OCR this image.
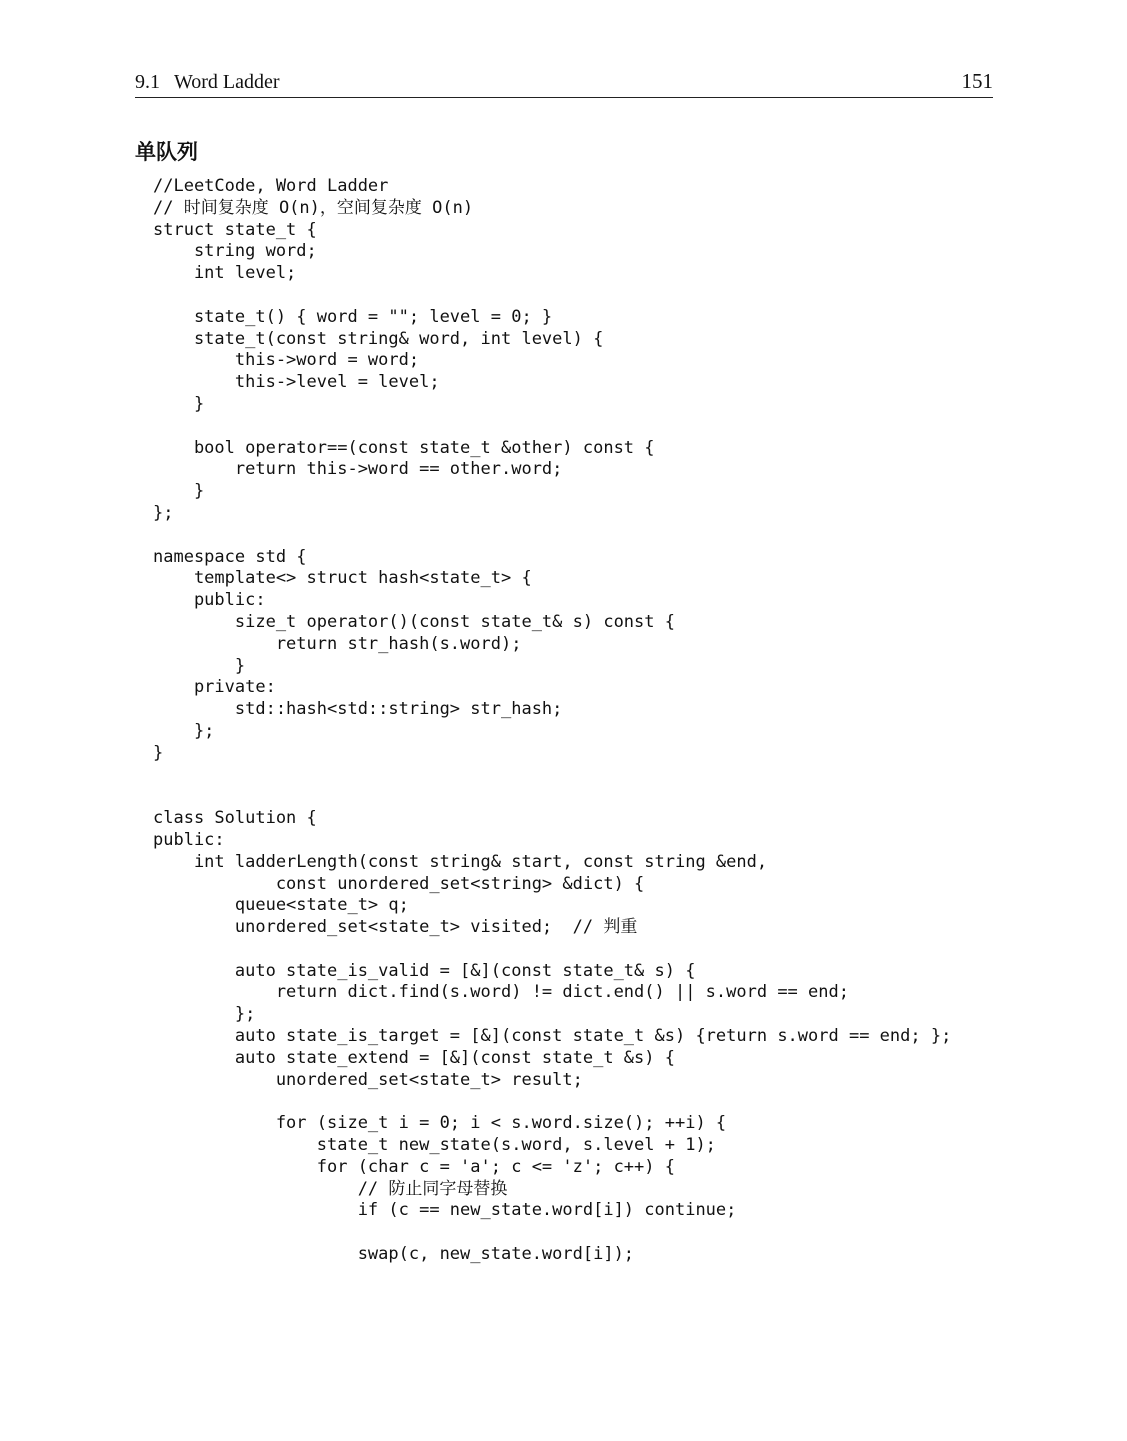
9.1 Word Ladder	151
单队列
//LeetCode, Word Ladder
// 时间复杂度 O(n)，空间复杂度 O(n)
struct state_t {
string word;
int level;

state_t() { word = ""; level = 0; }
state_t(const string& word, int level) {
this->word = word;
this->level = level;
}

bool operator==(const state_t &other) const {
return this->word == other.word;
}
};

namespace std {
template<> struct hash<state_t> {
public:
size_t operator()(const state_t& s) const {
return str_hash(s.word);
}
private:
std::hash<std::string> str_hash;
};
}

class Solution {
public:
int ladderLength(const string& start, const string &end,
const unordered_set<string> &dict) {
queue<state_t> q;
unordered_set<state_t> visited;  // 判重

auto state_is_valid = [&](const state_t& s) {
return dict.find(s.word) != dict.end() || s.word == end;
};
auto state_is_target = [&](const state_t &s) {return s.word == end; };
auto state_extend = [&](const state_t &s) {
unordered_set<state_t> result;

for (size_t i = 0; i < s.word.size(); ++i) {
state_t new_state(s.word, s.level + 1);
for (char c = 'a'; c <= 'z'; c++) {
// 防止同字母替换
if (c == new_state.word[i]) continue;

swap(c, new_state.word[i]);
